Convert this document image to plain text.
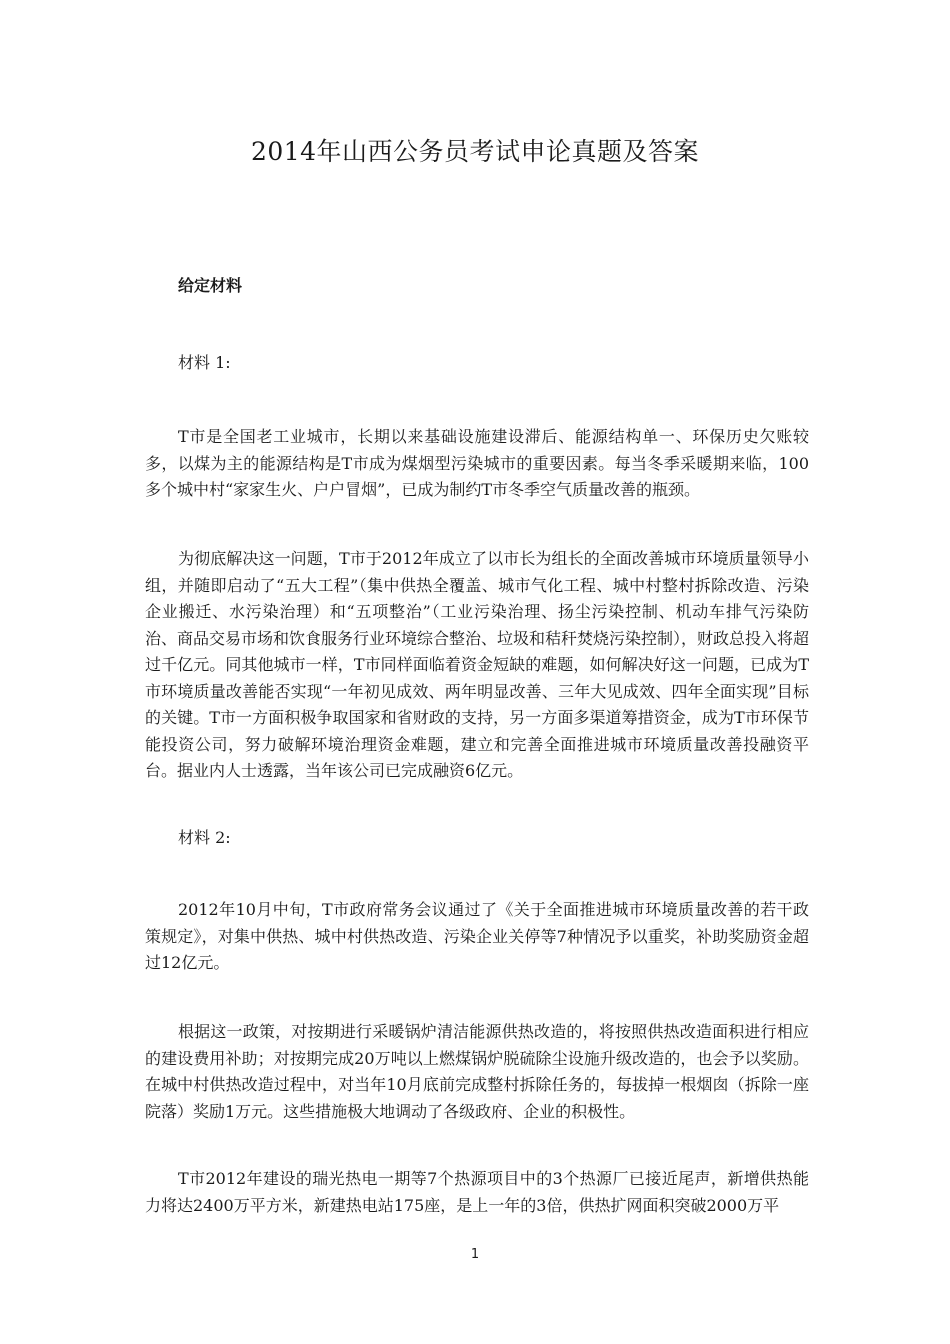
2014年山西公务员考试申论真题及答案
给定材料
材料 1:

T市是全国老工业城市，长期以来基础设施建设滞后、能源结构单一、环保历史欠账较多，以煤为主的能源结构是T市成为煤烟型污染城市的重要因素。每当冬季采暖期来临，100多个城中村“家家生火、户户冒烟”，已成为制约T市冬季空气质量改善的瓶颈。

为彻底解决这一问题，T市于2012年成立了以市长为组长的全面改善城市环境质量领导小组，并随即启动了“五大工程”（集中供热全覆盖、城市气化工程、城中村整村拆除改造、污染企业搬迁、水污染治理）和“五项整治”（工业污染治理、扬尘污染控制、机动车排气污染防治、商品交易市场和饮食服务行业环境综合整治、垃圾和秸秆焚烧污染控制），财政总投入将超过千亿元。同其他城市一样，T市同样面临着资金短缺的难题，如何解决好这一问题，已成为T市环境质量改善能否实现“一年初见成效、两年明显改善、三年大见成效、四年全面实现”目标的关键。T市一方面积极争取国家和省财政的支持，另一方面多渠道筹措资金，成为T市环保节能投资公司，努力破解环境治理资金难题，建立和完善全面推进城市环境质量改善投融资平台。据业内人士透露，当年该公司已完成融资6亿元。

材料 2:

2012年10月中旬，T市政府常务会议通过了《关于全面推进城市环境质量改善的若干政策规定》，对集中供热、城中村供热改造、污染企业关停等7种情况予以重奖，补助奖励资金超过12亿元。

根据这一政策，对按期进行采暖锅炉清洁能源供热改造的，将按照供热改造面积进行相应的建设费用补助；对按期完成20万吨以上燃煤锅炉脱硫除尘设施升级改造的，也会予以奖励。在城中村供热改造过程中，对当年10月底前完成整村拆除任务的，每拔掉一根烟囱（拆除一座院落）奖励1万元。这些措施极大地调动了各级政府、企业的积极性。

T市2012年建设的瑞光热电一期等7个热源项目中的3个热源厂已接近尾声，新增供热能力将达2400万平方米，新建热电站175座，是上一年的3倍，供热扩网面积突破2000万平

1
